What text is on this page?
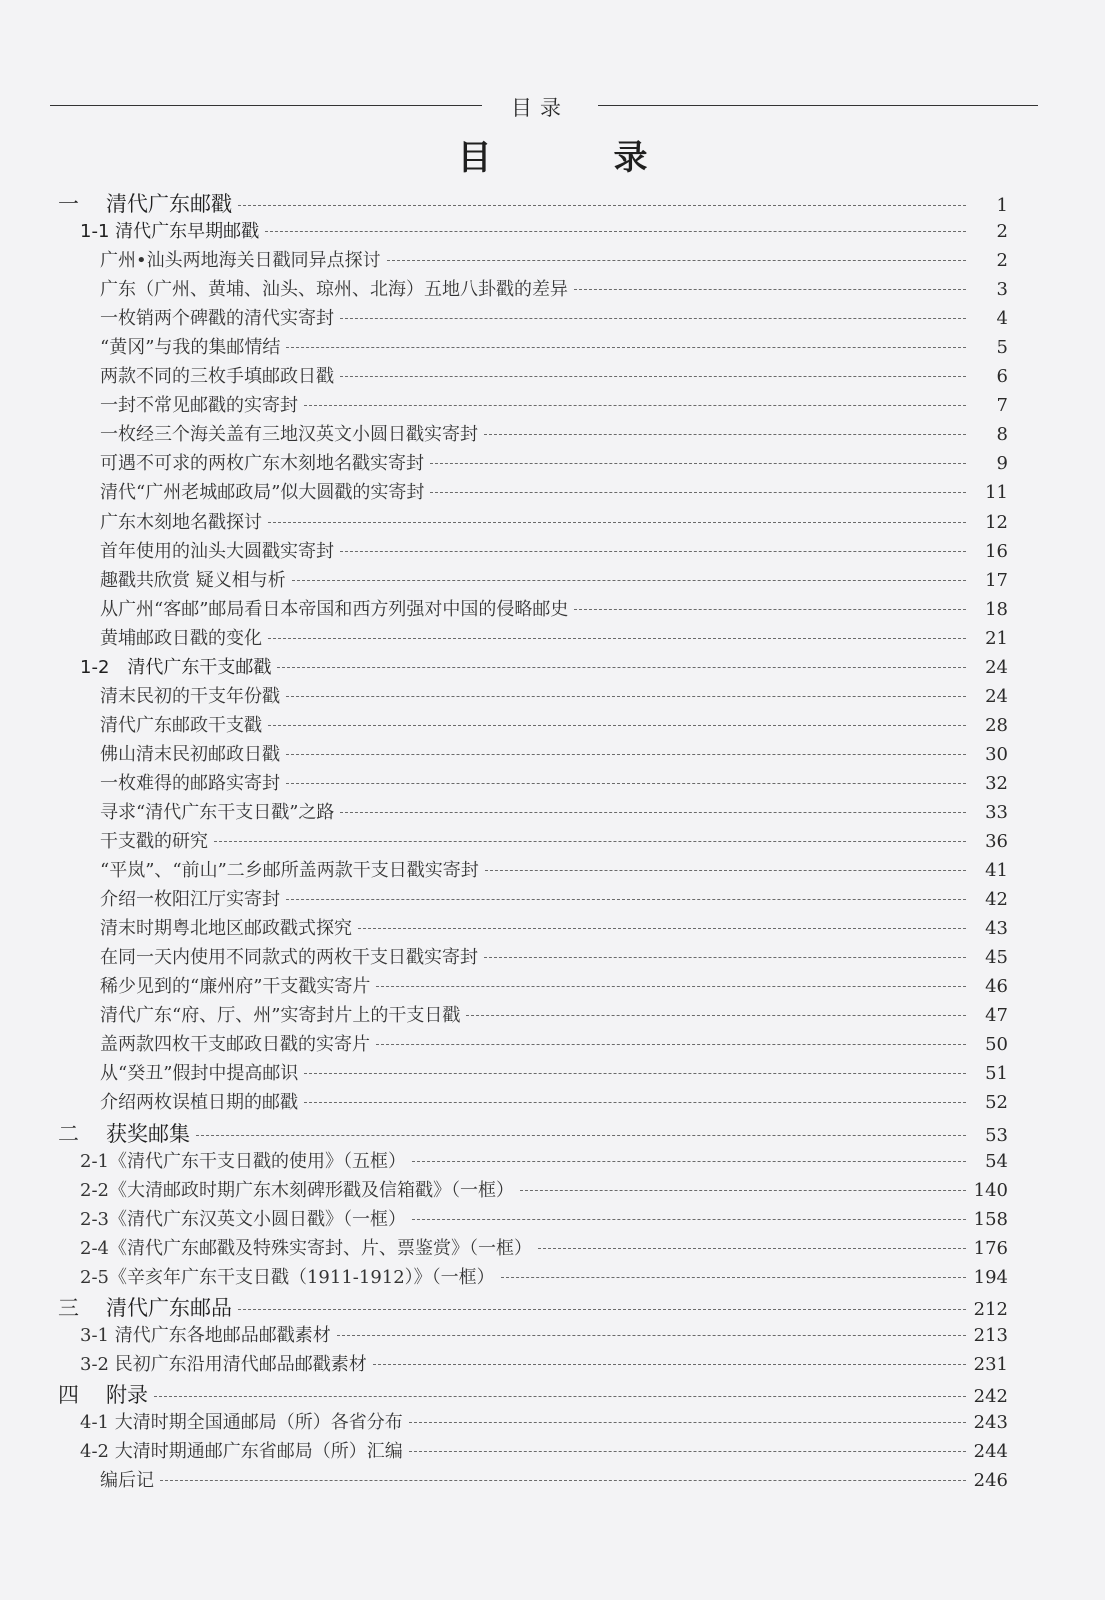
目录
目　录
一 清代广东邮戳	1
1-1 清代广东早期邮戳	2
广州•汕头两地海关日戳同异点探讨	2
广东（广州、黄埔、汕头、琼州、北海）五地八卦戳的差异	3
一枚销两个碑戳的清代实寄封	4
“黄冈”与我的集邮情结	5
两款不同的三枚手填邮政日戳	6
一封不常见邮戳的实寄封	7
一枚经三个海关盖有三地汉英文小圆日戳实寄封	8
可遇不可求的两枚广东木刻地名戳实寄封	9
清代“广州老城邮政局”似大圆戳的实寄封	11
广东木刻地名戳探讨	12
首年使用的汕头大圆戳实寄封	16
趣戳共欣赏 疑义相与析	17
从广州“客邮”邮局看日本帝国和西方列强对中国的侵略邮史	18
黄埔邮政日戳的变化	21
1-2　清代广东干支邮戳	24
清末民初的干支年份戳	24
清代广东邮政干支戳	28
佛山清末民初邮政日戳	30
一枚难得的邮路实寄封	32
寻求“清代广东干支日戳”之路	33
干支戳的研究	36
“平岚”、“前山”二乡邮所盖两款干支日戳实寄封	41
介绍一枚阳江厅实寄封	42
清末时期粤北地区邮政戳式探究	43
在同一天内使用不同款式的两枚干支日戳实寄封	45
稀少见到的“廉州府”干支戳实寄片	46
清代广东“府、厅、州”实寄封片上的干支日戳	47
盖两款四枚干支邮政日戳的实寄片	50
从“癸丑”假封中提高邮识	51
介绍两枚误植日期的邮戳	52
二 获奖邮集	53
2-1《清代广东干支日戳的使用》（五框）	54
2-2《大清邮政时期广东木刻碑形戳及信箱戳》（一框）	140
2-3《清代广东汉英文小圆日戳》（一框）	158
2-4《清代广东邮戳及特殊实寄封、片、票鉴赏》（一框）	176
2-5《辛亥年广东干支日戳（1911-1912）》（一框）	194
三 清代广东邮品	212
3-1 清代广东各地邮品邮戳素材	213
3-2 民初广东沿用清代邮品邮戳素材	231
四 附录	242
4-1 大清时期全国通邮局（所）各省分布	243
4-2 大清时期通邮广东省邮局（所）汇编	244
编后记	246
